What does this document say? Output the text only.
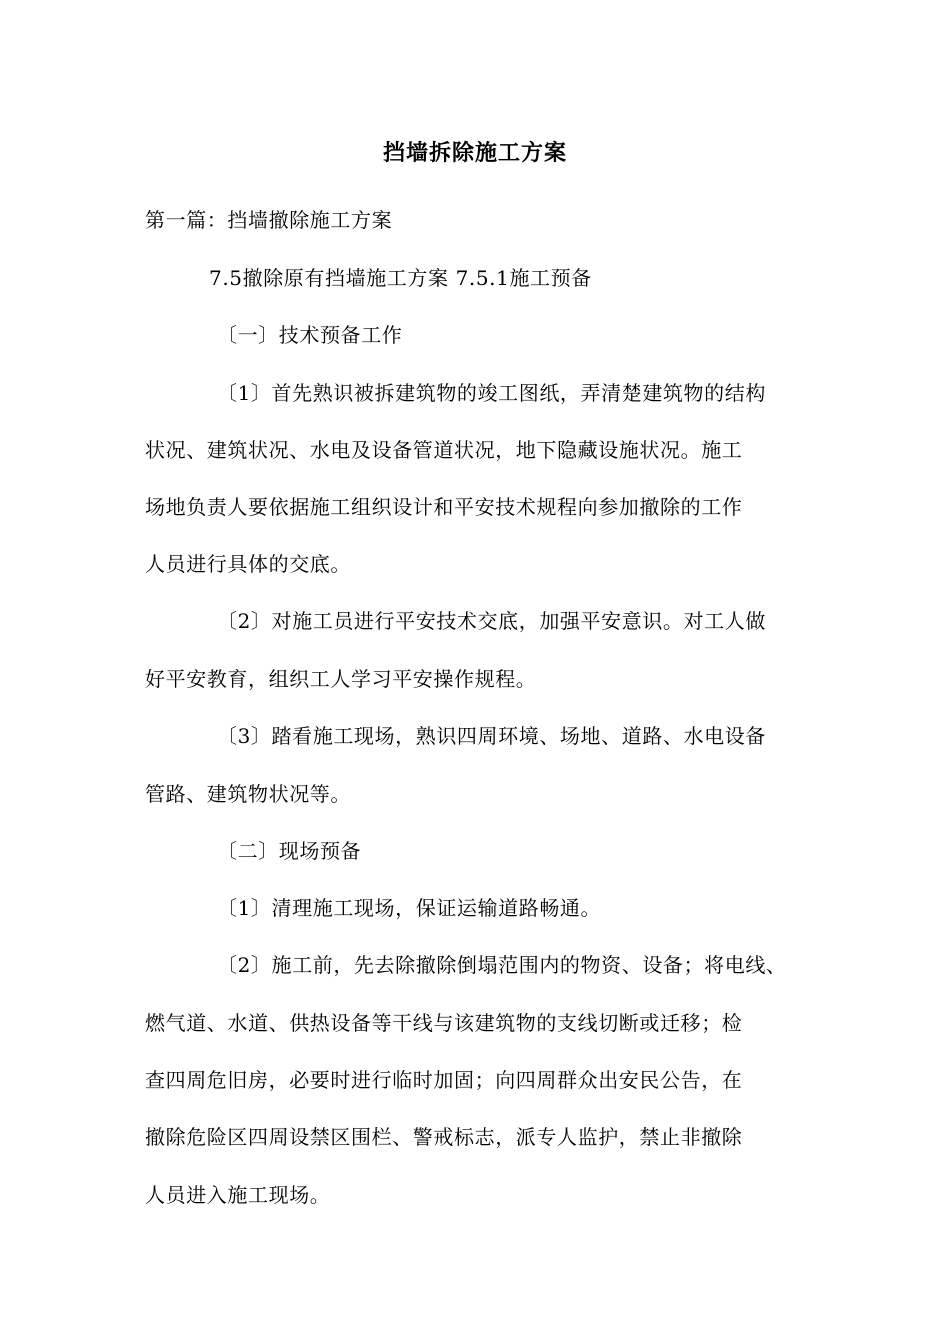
挡墙拆除施工方案
第一篇：挡墙撤除施工方案
7.5撤除原有挡墙施工方案 7.5.1施工预备
〔一〕技术预备工作
〔1〕首先熟识被拆建筑物的竣工图纸，弄清楚建筑物的结构
状况、建筑状况、水电及设备管道状况，地下隐藏设施状况。施工
场地负责人要依据施工组织设计和平安技术规程向参加撤除的工作
人员进行具体的交底。
〔2〕对施工员进行平安技术交底，加强平安意识。对工人做
好平安教育，组织工人学习平安操作规程。
〔3〕踏看施工现场，熟识四周环境、场地、道路、水电设备
管路、建筑物状况等。
〔二〕现场预备
〔1〕清理施工现场，保证运输道路畅通。
〔2〕施工前，先去除撤除倒塌范围内的物资、设备；将电线、
燃气道、水道、供热设备等干线与该建筑物的支线切断或迁移；检
查四周危旧房，必要时进行临时加固；向四周群众出安民公告，在
撤除危险区四周设禁区围栏、警戒标志，派专人监护，禁止非撤除
人员进入施工现场。
